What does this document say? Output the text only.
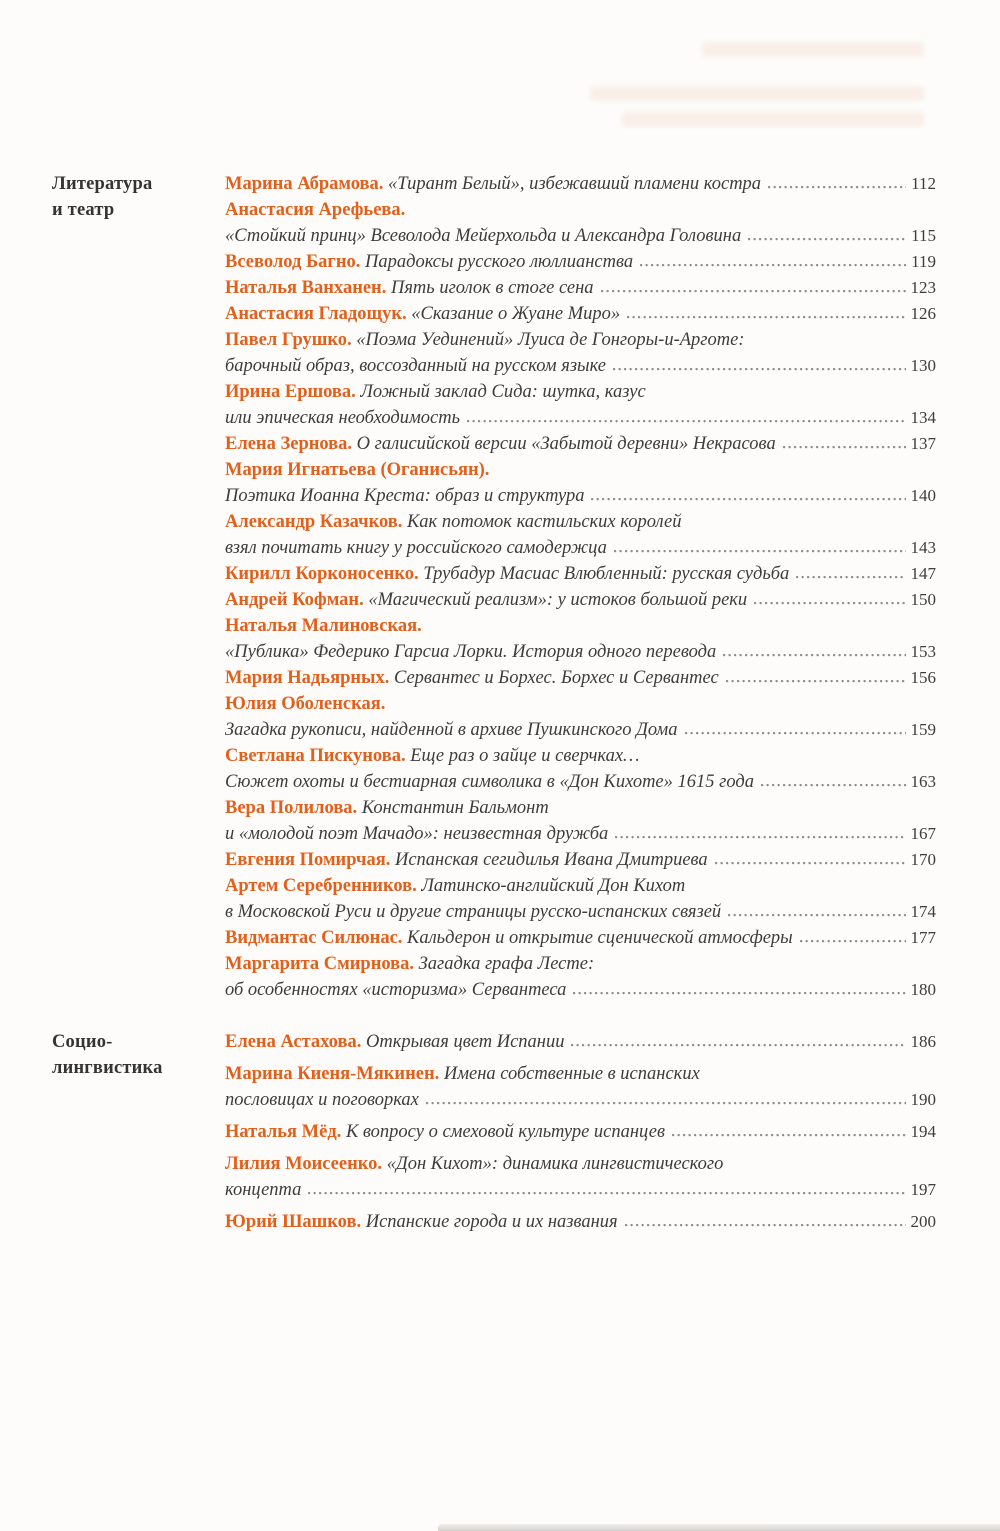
Литература
и театр
Марина Абрамова. «Тирант Белый», избежавший пламени костра	112
Анастасия Арефьева.
«Стойкий принц» Всеволода Мейерхольда и Александра Головина	115
Всеволод Багно. Парадоксы русского люллианства	119
Наталья Ванханен. Пять иголок в стоге сена	123
Анастасия Гладощук. «Сказание о Жуане Миро»	126
Павел Грушко. «Поэма Уединений» Луиса де Гонгоры-и-Арготе:
барочный образ, воссозданный на русском языке	130
Ирина Ершова. Ложный заклад Сида: шутка, казус
или эпическая необходимость	134
Елена Зернова. О галисийской версии «Забытой деревни» Некрасова	137
Мария Игнатьева (Оганисьян).
Поэтика Иоанна Креста: образ и структура	140
Александр Казачков. Как потомок кастильских королей
взял почитать книгу у российского самодержца	143
Кирилл Корконосенко. Трубадур Масиас Влюбленный: русская судьба	147
Андрей Кофман. «Магический реализм»: у истоков большой реки	150
Наталья Малиновская.
«Публика» Федерико Гарсиа Лорки. История одного перевода	153
Мария Надьярных. Сервантес и Борхес. Борхес и Сервантес	156
Юлия Оболенская.
Загадка рукописи, найденной в архиве Пушкинского Дома	159
Светлана Пискунова. Еще раз о зайце и сверчках…
Сюжет охоты и бестиарная символика в «Дон Кихоте» 1615 года	163
Вера Полилова. Константин Бальмонт
и «молодой поэт Мачадо»: неизвестная дружба	167
Евгения Помирчая. Испанская сегидилья Ивана Дмитриева	170
Артем Серебренников. Латинско-английский Дон Кихот
в Московской Руси и другие страницы русско-испанских связей	174
Видмантас Силюнас. Кальдерон и открытие сценической атмосферы	177
Маргарита Смирнова. Загадка графа Лесте:
об особенностях «историзма» Сервантеса	180
Социо-
лингвистика
Елена Астахова. Открывая цвет Испании	186
Марина Киеня-Мякинен. Имена собственные в испанских
пословицах и поговорках	190
Наталья Мёд. К вопросу о смеховой культуре испанцев	194
Лилия Моисеенко. «Дон Кихот»: динамика лингвистического
концепта	197
Юрий Шашков. Испанские города и их названия	200
